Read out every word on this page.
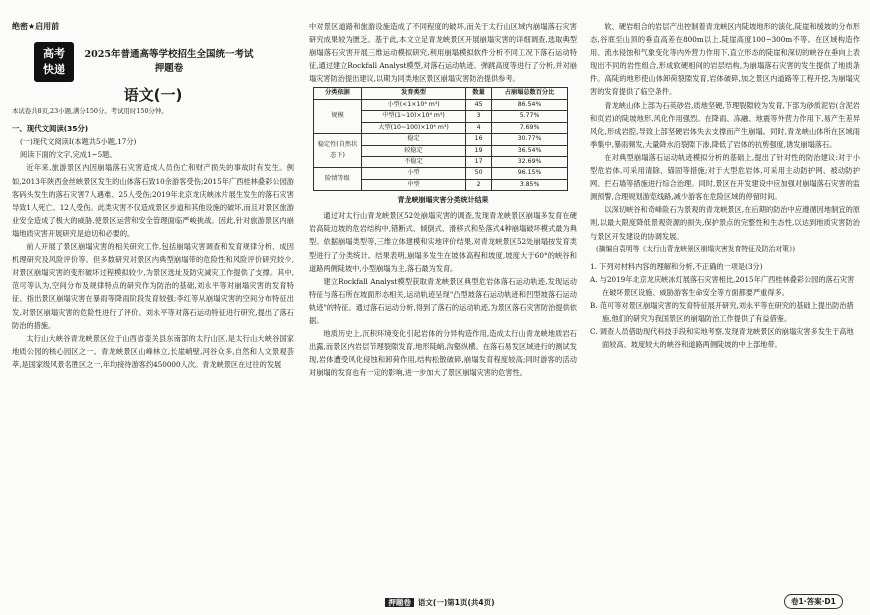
绝密★启用前
高考
快递
2025年普通高等学校招生全国统一考试
押题卷
语文(一)
本试卷共8页,23小题,满分150分。考试用时150分钟。
一、现代文阅读(35分)
(一)现代文阅读Ⅰ(本题共5小题,17分)
阅读下面的文字,完成1~5题。

近年来,旅游景区内因崩塌落石灾害造成人员伤亡和财产损失的事故时有发生。例如,2013年陕西金丝峡景区发生的山体落石致10余游客受伤;2015年广西桂林叠彩公园游客码头发生的落石灾害7人遇难、25人受伤;2019年北京龙庆峡冰片展生发生的落石灾害导致1人死亡、12人受伤。此类灾害不仅造成景区步道和其他设施的破坏,而且对景区旅游业安全造成了极大的威胁,使景区运营和安全管理面临严峻挑战。因此,针对旅游景区内崩塌地质灾害开展研究是迫切和必要的。

前人开展了景区崩塌灾害的相关研究工作,包括崩塌灾害调查和发育规律分析、成因机理研究及风险评价等。但多数研究对景区内典型崩塌带的危险性和风险评价研究较少,对景区崩塌灾害的变形破坏过程模拟较少,为景区选址及防灾减灾工作提供了支撑。其中,范可等认为,空间分布及规律特点的研究作为防治的基础,刘永平等对崩塌灾害的发育特征、指出景区崩塌灾害在暴雨等降雨阶段发育较强;李红等从崩塌灾害的空间分布特征出发,对景区崩塌灾害的危险性进行了评价。刘永平等对落石运动特征进行研究,提出了落石防治的措施。

太行山大峡谷青龙峡景区位于山西省壶关县东南部的太行山区,是太行山大峡谷国家地质公园的核心园区之一。青龙峡景区山峰林立,长崖峭壁,河谷众多,自然和人文景观荟萃,是国家级风景名胜区之一,年均接待游客约450000人次。青龙峡景区在过往的发展

中对景区道路和旅游设施造成了不同程度的破坏,而关于太行山区域内崩塌落石灾害研究成果较为匮乏。基于此,本文立足青龙峡景区开展崩塌灾害的详细调查,选取典型崩塌落石灾害开展三维运动模拟研究,利用崩塌模拟软件分析不同工况下落石运动特征,通过建立Rockfall Analyst模型,对落石运动轨迹、弹跳高度等进行了分析,并对崩塌灾害防治提出建议,以期为同类地区景区崩塌灾害防治提供参考。

分类依据	发育类型	数量	占崩塌总数百分比
规模	小型(<1×10⁴ m³)	45	86.54%
	中型(1~10)×10⁴ m³)	3	5.77%
	大型(10~100)×10⁴ m³)	4	7.69%
稳定性(自然状态下)	稳定	16	30.77%
	较稳定	19	36.54%
	不稳定	17	32.69%
险情等级	小型	50	96.15%
	中型	2	3.85%
青龙峡崩塌灾害分类统计结果

通过对太行山青龙峡景区52处崩塌灾害的调查,发现青龙峡景区崩塌多发育在硬岩高陡边坡的危岩结构中,错断式、倾倒式、滑移式和坠落式4种崩塌破坏模式最为典型。依据崩塌类型等,三维立体建模和实地评价结果,对青龙峡景区52处崩塌按发育类型进行了分类统计。结果表明,崩塌多发生在坡体高程和坡度,坡度大于60°的峡谷和道路两侧陡坡中,小型崩塌为主,落石最为发育。

建立Rockfall Analyst模型获取青龙峡景区典型危岩体落石运动轨迹,发现运动特征与落石所在坡面形态相关,运动轨迹呈现"凸型坡落石运动轨迹和凹型坡落石运动轨迹"的特征。通过落石运动分析,得到了落石的运动轨迹,为景区落石灾害防治提供依据。

地质历史上,沉积环境变化引起岩体的分异构造作用,造成太行山青龙峡地质岩石出露,而景区内岩层节理裂隙发育,地形陡峭,沟壑纵横。在落石易发区域进行的测试发现,岩体遭受风化侵蚀和卸荷作用,结构松散破碎,崩塌发育程度较高;同时游客的活动对崩塌的发育也有一定的影响,进一步加大了景区崩塌灾害的危害性。

软、硬岩组合的岩层产出控制着青龙峡区内陡坡地形的演化,陡崖和缓坡的分布形态,谷底至山顶的垂直高差在800m以上,陡崖高度100~300m不等。在区域构造作用、流水侵蚀和气象变化等内外营力作用下,直立形态的陡崖和深切的峡谷在垂向上表现出不同的岩性组合,形成软硬相间的岩层结构,为崩塌落石灾害的发生提供了地质条件。高陡的地形使山体卸荷裂隙发育,岩体破碎,加之景区内道路等工程开挖,为崩塌灾害的发育提供了临空条件。

青龙峡山体上部为石英砂岩,质地坚硬,节理裂隙较为发育,下部为砂质泥岩(含泥岩和页岩)的陡坡地形,风化作用强烈。在降雨、冻融、地震等外营力作用下,易产生差异风化,形成岩腔,导致上部坚硬岩体失去支撑而产生崩塌。同时,青龙峡山体所在区域雨季集中,暴雨频发,大量降水沿裂隙下渗,降低了岩体的抗剪强度,诱发崩塌落石。

在对典型崩塌落石运动轨迹模拟分析的基础上,提出了针对性的防治建议:对于小型危岩体,可采用清除、锚固等措施;对于大型危岩体,可采用主动防护网、被动防护网、拦石墙等措施进行综合治理。同时,景区在开发建设中应加强对崩塌落石灾害的监测预警,合理规划游览线路,减少游客在危险区域的停留时间。

以深切峡谷和奇峰险石为景观的青龙峡景区,在后期的防治中应遵循因地制宜的原则,以最大限度降低景观资源的损失,保护景点的完整性和生态性,以达到地质灾害防治与景区开发建设的协调发展。

(摘编自袁明等《太行山青龙峡景区崩塌灾害发育特征及防治对策》)
1. 下列对材料内容的理解和分析,不正确的一项是(3分)
A. 与2019年北京龙庆峡冰灯展落石灾害相比,2015年广西桂林叠彩公园的落石灾害在破坏景区设施、威胁游客生命安全等方面都要严重得多。
B. 范可等对景区崩塌灾害的发育特征展开研究,刘永平等在研究的基础上提出防治措施,他们的研究为我国景区的崩塌防治工作提供了有益借鉴。
C. 调查人员借助现代科技手段和实地考察,发现青龙峡景区的崩塌灾害多发生于高地面较高、坡度较大的峡谷和道路两侧陡坡的中上部地带。
押题卷 语文(一)第1页(共4页)	卷1·答案·D1
